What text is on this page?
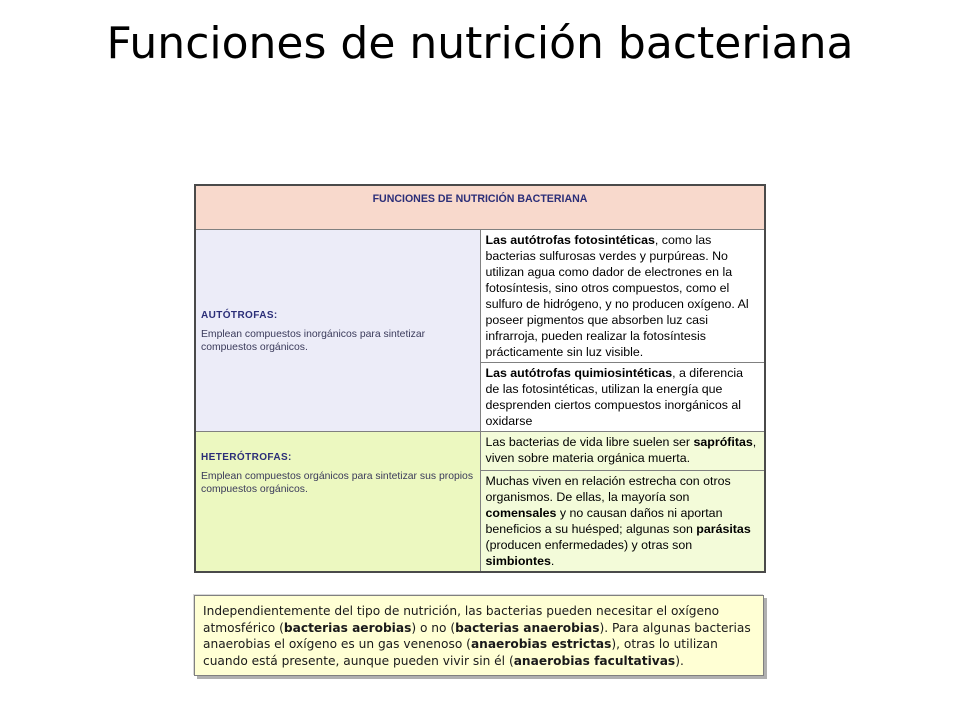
Funciones de nutrición bacteriana
FUNCIONES DE NUTRICIÓN BACTERIANA	

AUTÓTROFAS:
Emplean compuestos inorgánicos para sintetizar compuestos orgánicos.	Las autótrofas fotosintéticas, como las bacterias sulfurosas verdes y purpúreas. No utilizan agua como dador de electrones en la fotosíntesis, sino otros compuestos, como el sulfuro de hidrógeno, y no producen oxígeno. Al poseer pigmentos que absorben luz casi infrarroja, pueden realizar la fotosíntesis prácticamente sin luz visible.
	Las autótrofas quimiosintéticas, a diferencia de las fotosintéticas, utilizan la energía que desprenden ciertos compuestos inorgánicos al oxidarse

HETERÓTROFAS:
Emplean compuestos orgánicos para sintetizar sus propios compuestos orgánicos.	Las bacterias de vida libre suelen ser saprófitas, viven sobre materia orgánica muerta.
	Muchas viven en relación estrecha con otros organismos. De ellas, la mayoría son comensales y no causan daños ni aportan beneficios a su huésped; algunas son parásitas (producen enfermedades) y otras son simbiontes.
Independientemente del tipo de nutrición, las bacterias pueden necesitar el oxígeno atmosférico (bacterias aerobias) o no (bacterias anaerobias). Para algunas bacterias anaerobias el oxígeno es un gas venenoso (anaerobias estrictas), otras lo utilizan cuando está presente, aunque pueden vivir sin él (anaerobias facultativas).
